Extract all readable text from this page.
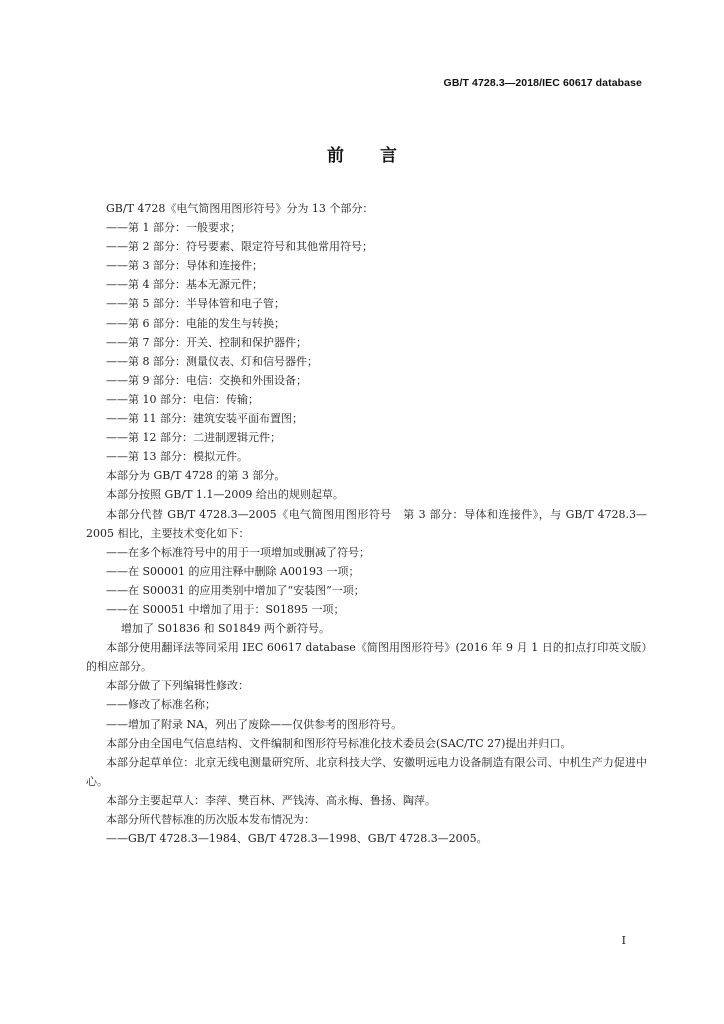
GB/T 4728.3—2018/IEC 60617 database
前言
GB/T 4728《电气简图用图形符号》分为 13 个部分：
——第 1 部分：一般要求；
——第 2 部分：符号要素、限定符号和其他常用符号；
——第 3 部分：导体和连接件；
——第 4 部分：基本无源元件；
——第 5 部分：半导体管和电子管；
——第 6 部分：电能的发生与转换；
——第 7 部分：开关、控制和保护器件；
——第 8 部分：测量仪表、灯和信号器件；
——第 9 部分：电信：交换和外围设备；
——第 10 部分：电信：传输；
——第 11 部分：建筑安装平面布置图；
——第 12 部分：二进制逻辑元件；
——第 13 部分：模拟元件。
本部分为 GB/T 4728 的第 3 部分。
本部分按照 GB/T 1.1—2009 给出的规则起草。
本部分代替 GB/T 4728.3—2005《电气简图用图形符号　第 3 部分：导体和连接件》，与 GB/T 4728.3—2005 相比，主要技术变化如下：
——在多个标准符号中的用于一项增加或删减了符号；
——在 S00001 的应用注释中删除 A00193 一项；
——在 S00031 的应用类别中增加了“安装图”一项；
——在 S00051 中增加了用于：S01895 一项；
增加了 S01836 和 S01849 两个新符号。
本部分使用翻译法等同采用 IEC 60617 database《简图用图形符号》(2016 年 9 月 1 日的扣点打印英文版）的相应部分。
本部分做了下列编辑性修改：
——修改了标准名称；
——增加了附录 NA，列出了废除——仅供参考的图形符号。
本部分由全国电气信息结构、文件编制和图形符号标准化技术委员会(SAC/TC 27)提出并归口。
本部分起草单位：北京无线电测量研究所、北京科技大学、安徽明远电力设备制造有限公司、中机生产力促进中心。
本部分主要起草人：李萍、樊百林、严钱涛、高永梅、鲁扬、陶萍。
本部分所代替标准的历次版本发布情况为：
——GB/T 4728.3—1984、GB/T 4728.3—1998、GB/T 4728.3—2005。
I
